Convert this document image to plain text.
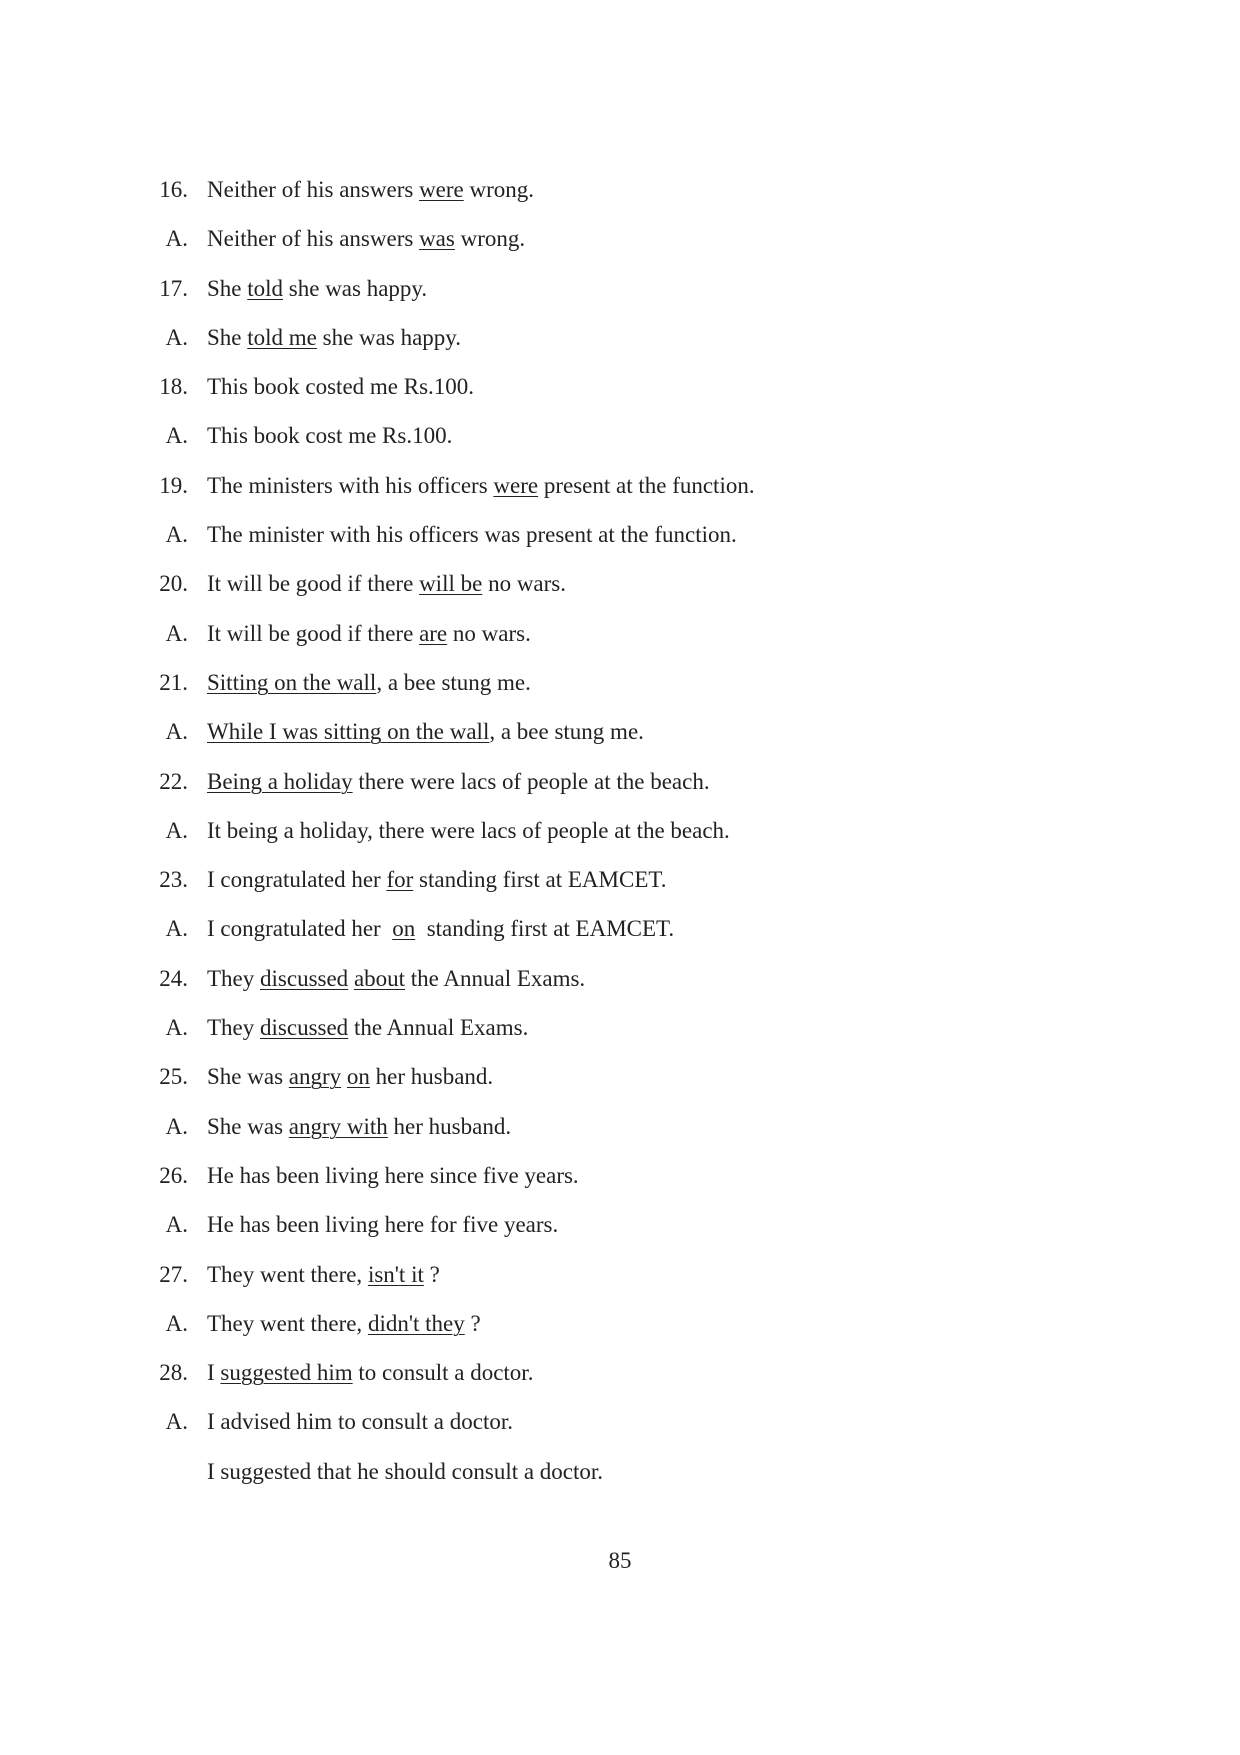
16. Neither of his answers were wrong.
A. Neither of his answers was wrong.
17. She told she was happy.
A. She told me she was happy.
18. This book costed me Rs.100.
A. This book cost me Rs.100.
19. The ministers with his officers were present at the function.
A. The minister with his officers was present at the function.
20. It will be good if there will be no wars.
A. It will be good if there are no wars.
21. Sitting on the wall, a bee stung me.
A. While I was sitting on the wall, a bee stung me.
22. Being a holiday there were lacs of people at the beach.
A. It being a holiday, there were lacs of people at the beach.
23. I congratulated her for standing first at EAMCET.
A. I congratulated her  on  standing first at EAMCET.
24. They discussed about the Annual Exams.
A. They discussed the Annual Exams.
25. She was angry on her husband.
A. She was angry with her husband.
26. He has been living here since five years.
A. He has been living here for five years.
27. They went there, isn't it ?
A. They went there, didn't they ?
28. I suggested him to consult a doctor.
A. I advised him to consult a doctor.
I suggested that he should consult a doctor.
85
